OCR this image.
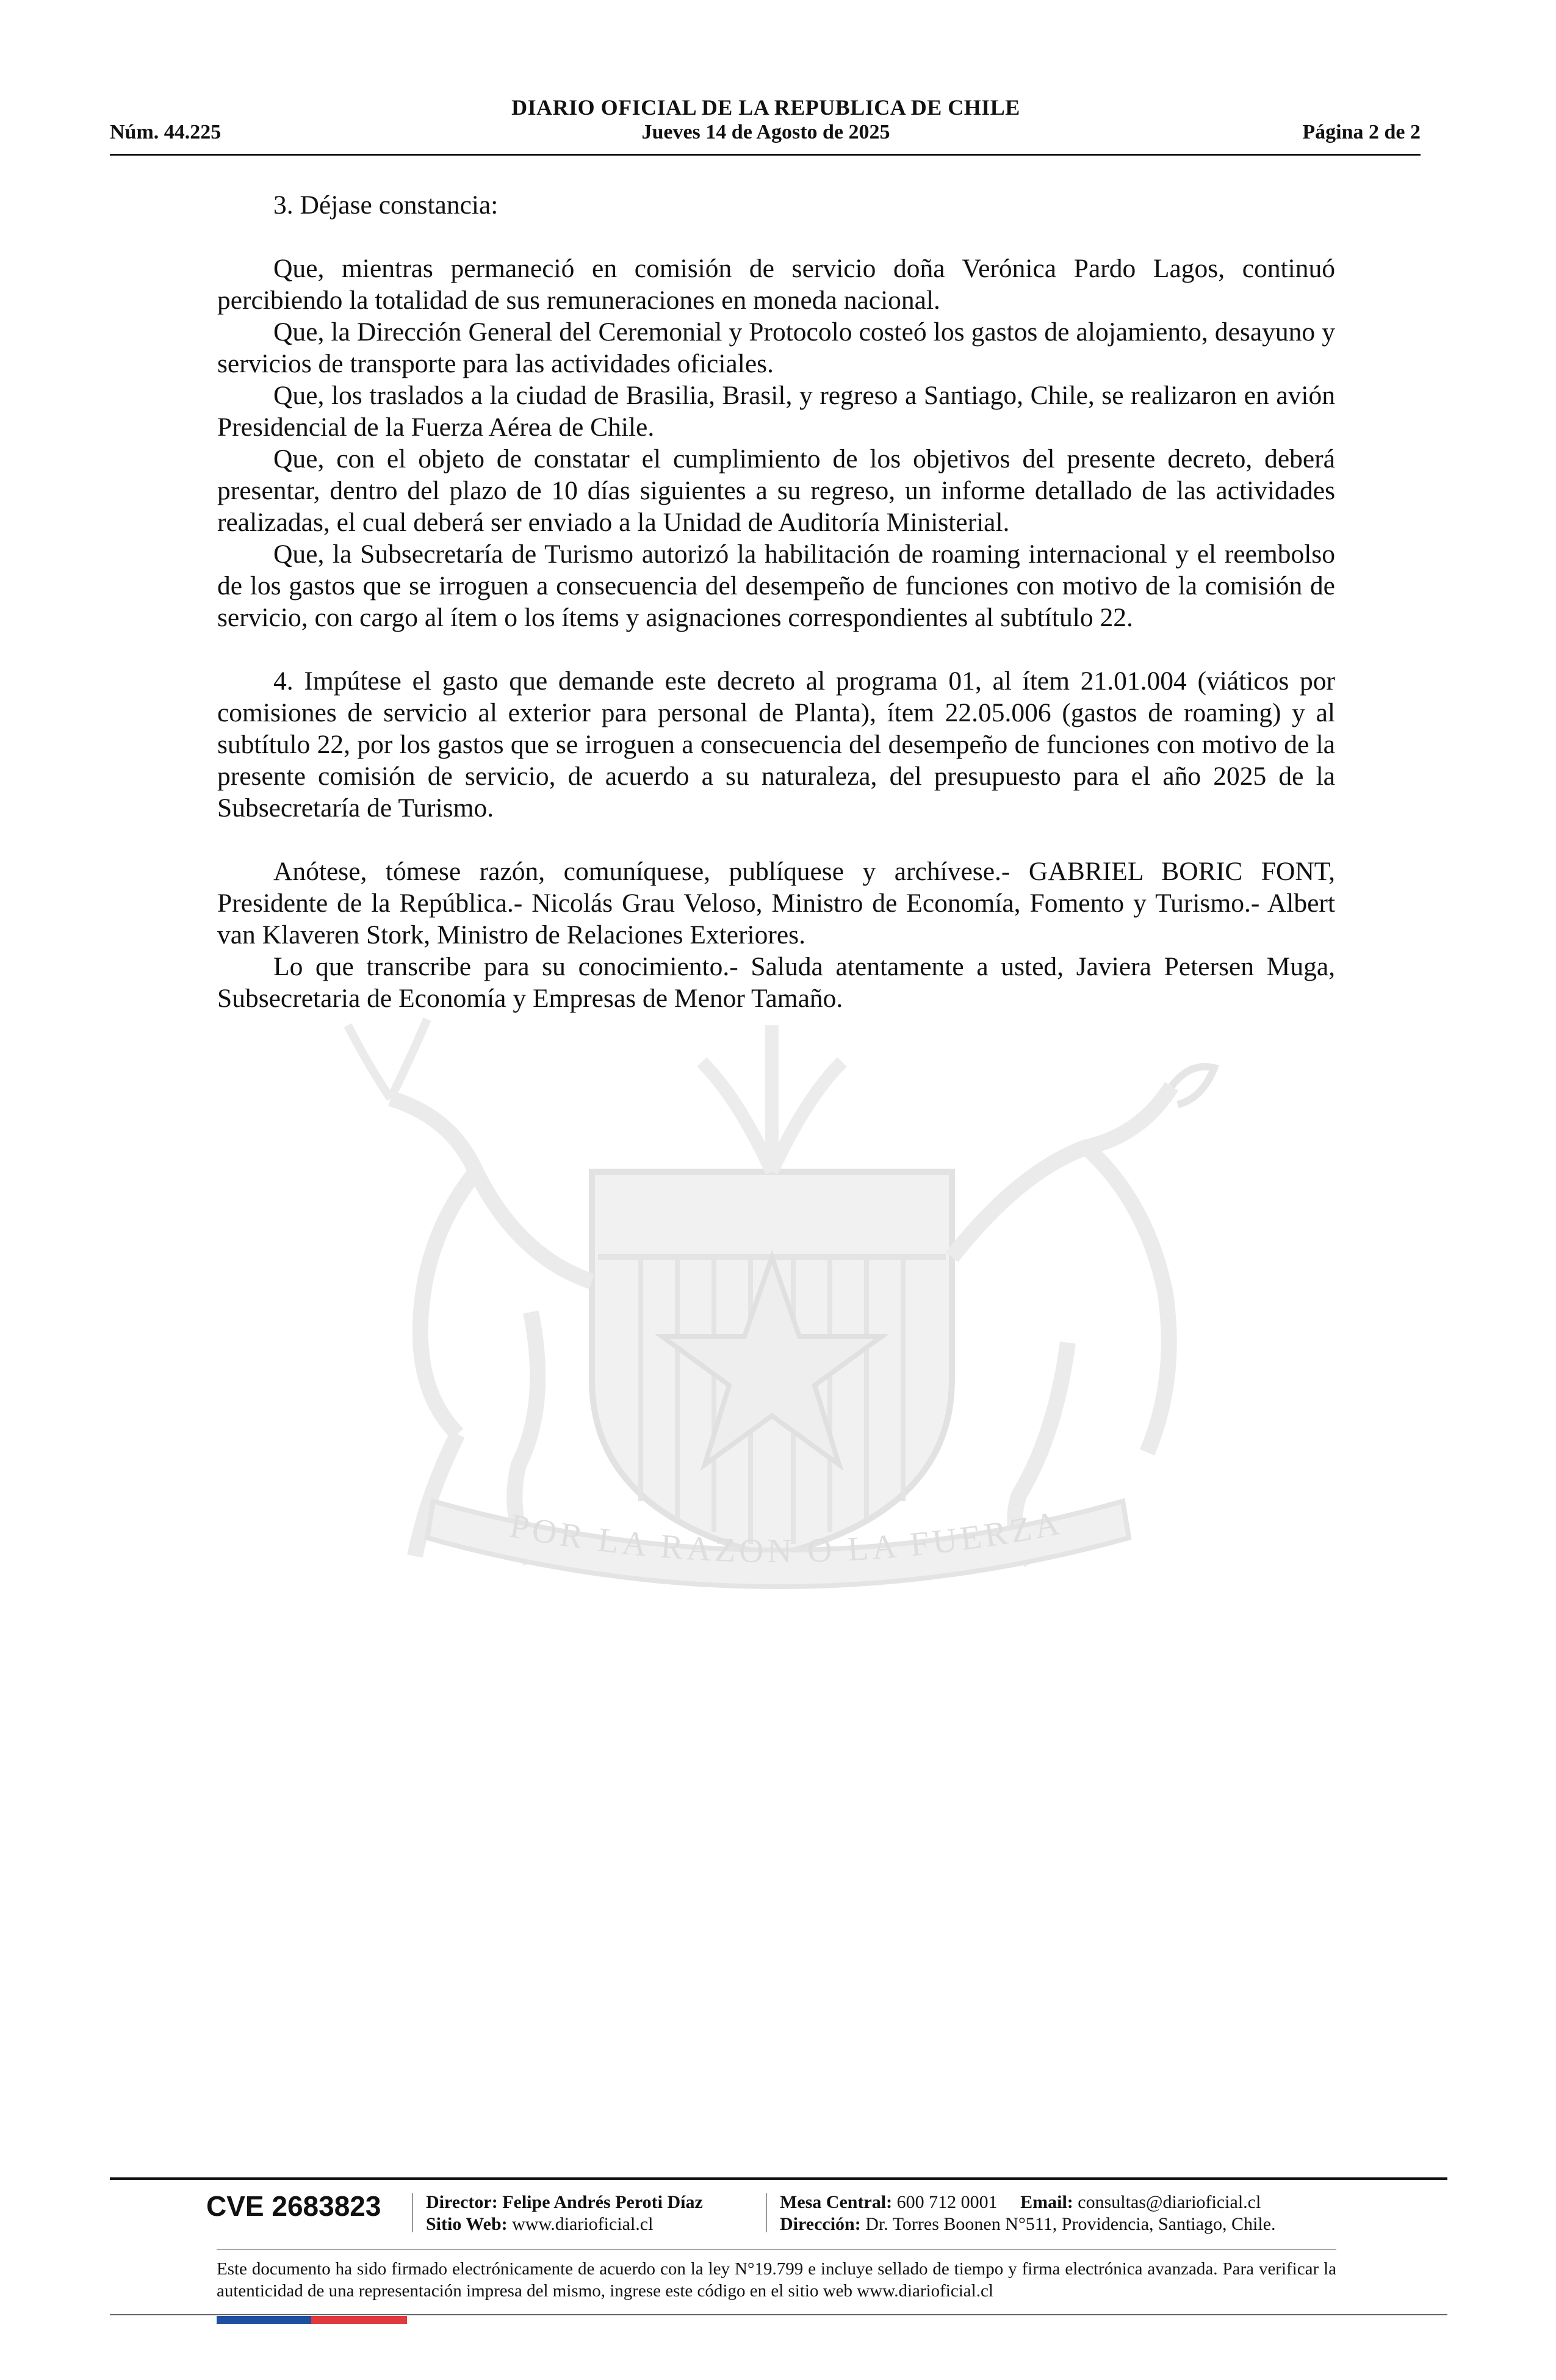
DIARIO OFICIAL DE LA REPUBLICA DE CHILE
Núm. 44.225	Jueves 14 de Agosto de 2025	Página 2 de 2
POR LA RAZON O LA FUERZA

3. Déjase constancia:

Que, mientras permaneció en comisión de servicio doña Verónica Pardo Lagos, continuó percibiendo la totalidad de sus remuneraciones en moneda nacional.

Que, la Dirección General del Ceremonial y Protocolo costeó los gastos de alojamiento, desayuno y servicios de transporte para las actividades oficiales.

Que, los traslados a la ciudad de Brasilia, Brasil, y regreso a Santiago, Chile, se realizaron en avión Presidencial de la Fuerza Aérea de Chile.

Que, con el objeto de constatar el cumplimiento de los objetivos del presente decreto, deberá presentar, dentro del plazo de 10 días siguientes a su regreso, un informe detallado de las actividades realizadas, el cual deberá ser enviado a la Unidad de Auditoría Ministerial.

Que, la Subsecretaría de Turismo autorizó la habilitación de roaming internacional y el reembolso de los gastos que se irroguen a consecuencia del desempeño de funciones con motivo de la comisión de servicio, con cargo al ítem o los ítems y asignaciones correspondientes al subtítulo 22.

4. Impútese el gasto que demande este decreto al programa 01, al ítem 21.01.004 (viáticos por comisiones de servicio al exterior para personal de Planta), ítem 22.05.006 (gastos de roaming) y al subtítulo 22, por los gastos que se irroguen a consecuencia del desempeño de funciones con motivo de la presente comisión de servicio, de acuerdo a su naturaleza, del presupuesto para el año 2025 de la Subsecretaría de Turismo.

Anótese, tómese razón, comuníquese, publíquese y archívese.- GABRIEL BORIC FONT, Presidente de la República.- Nicolás Grau Veloso, Ministro de Economía, Fomento y Turismo.- Albert van Klaveren Stork, Ministro de Relaciones Exteriores.

Lo que transcribe para su conocimiento.- Saluda atentamente a usted, Javiera Petersen Muga, Subsecretaria de Economía y Empresas de Menor Tamaño.

CVE 2683823 Director: Felipe Andrés Peroti Díaz
Sitio Web: www.diarioficial.cl
Mesa Central: 600 712 0001 Email: consultas@diarioficial.cl
Dirección: Dr. Torres Boonen N°511, Providencia, Santiago, Chile.
Este documento ha sido firmado electrónicamente de acuerdo con la ley N°19.799 e incluye sellado de tiempo y firma electrónica avanzada. Para verificar la autenticidad de una representación impresa del mismo, ingrese este código en el sitio web www.diarioficial.cl
